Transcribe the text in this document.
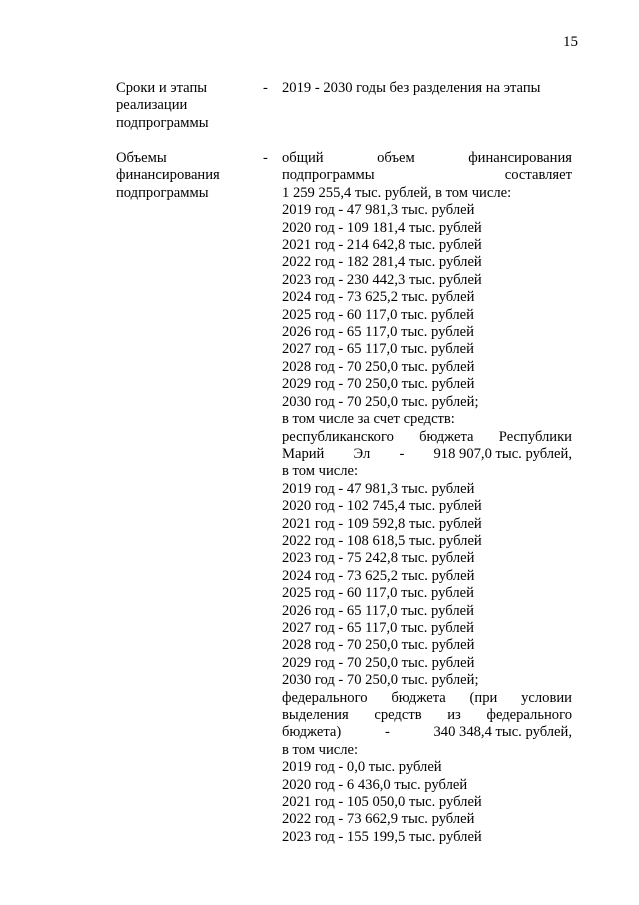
15
Сроки и этапы
реализации
подпрограммы
- 2019 - 2030 годы без разделения на этапы
Объемы
финансирования
подпрограммы
- общий	объем	финансирования
подпрограммы	составляет
1 259 255,4 тыс. рублей, в том числе:
2019 год - 47 981,3 тыс. рублей
2020 год - 109 181,4 тыс. рублей
2021 год - 214 642,8 тыс. рублей
2022 год - 182 281,4 тыс. рублей
2023 год - 230 442,3 тыс. рублей
2024 год - 73 625,2 тыс. рублей
2025 год - 60 117,0 тыс. рублей
2026 год - 65 117,0 тыс. рублей
2027 год - 65 117,0 тыс. рублей
2028 год - 70 250,0 тыс. рублей
2029 год - 70 250,0 тыс. рублей
2030 год - 70 250,0 тыс. рублей;
в том числе за счет средств:
республиканского бюджета Республики
Марий Эл - 918 907,0 тыс. рублей,
в том числе:
2019 год - 47 981,3 тыс. рублей
2020 год - 102 745,4 тыс. рублей
2021 год - 109 592,8 тыс. рублей
2022 год - 108 618,5 тыс. рублей
2023 год - 75 242,8 тыс. рублей
2024 год - 73 625,2 тыс. рублей
2025 год - 60 117,0 тыс. рублей
2026 год - 65 117,0 тыс. рублей
2027 год - 65 117,0 тыс. рублей
2028 год - 70 250,0 тыс. рублей
2029 год - 70 250,0 тыс. рублей
2030 год - 70 250,0 тыс. рублей;
федерального бюджета (при условии
выделения средств из федерального
бюджета)	-	340 348,4 тыс. рублей,
в том числе:
2019 год - 0,0 тыс. рублей
2020 год - 6 436,0 тыс. рублей
2021 год - 105 050,0 тыс. рублей
2022 год - 73 662,9 тыс. рублей
2023 год - 155 199,5 тыс. рублей
